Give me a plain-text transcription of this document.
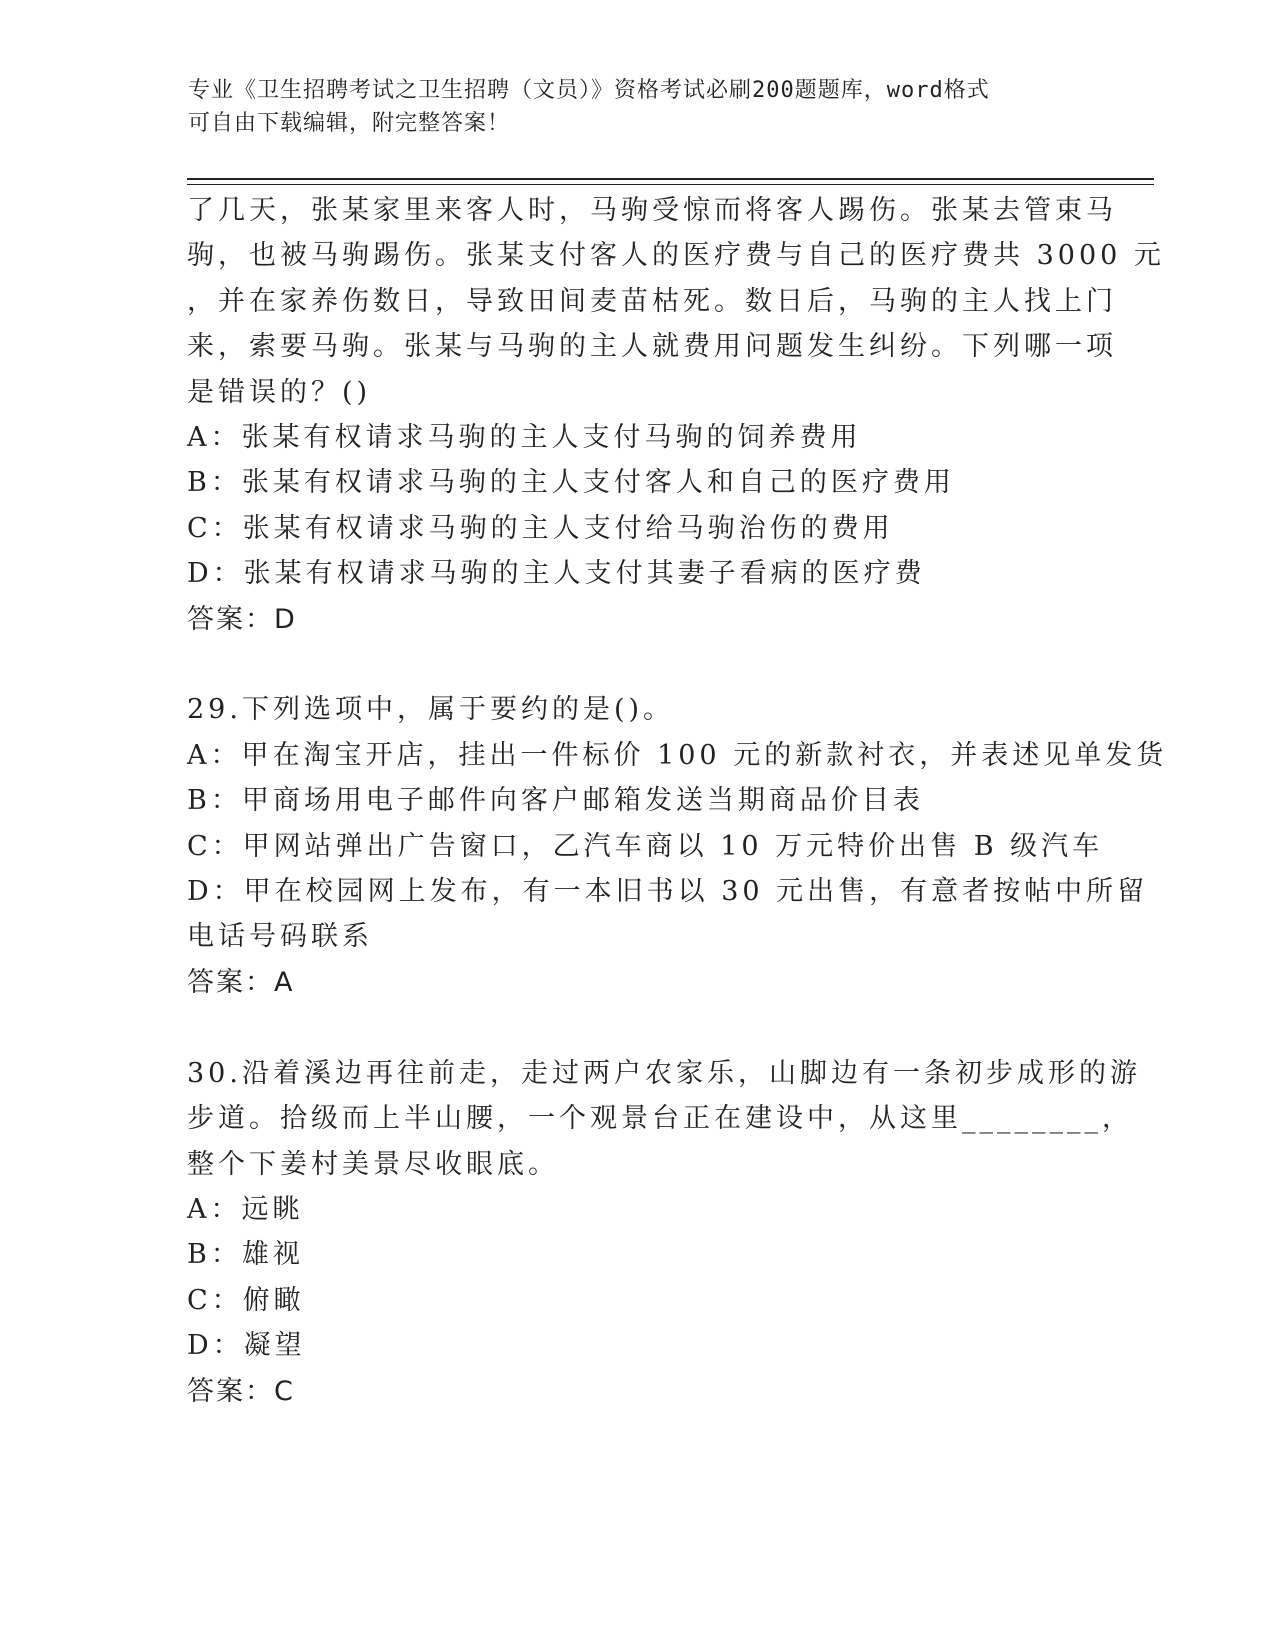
专业《卫生招聘考试之卫生招聘（文员）》资格考试必刷200题题库，word格式
可自由下载编辑，附完整答案！
了几天，张某家里来客人时，马驹受惊而将客人踢伤。张某去管束马
驹，也被马驹踢伤。张某支付客人的医疗费与自己的医疗费共 3000 元
，并在家养伤数日，导致田间麦苗枯死。数日后，马驹的主人找上门
来，索要马驹。张某与马驹的主人就费用问题发生纠纷。下列哪一项
是错误的？()
A：张某有权请求马驹的主人支付马驹的饲养费用
B：张某有权请求马驹的主人支付客人和自己的医疗费用
C：张某有权请求马驹的主人支付给马驹治伤的费用
D：张某有权请求马驹的主人支付其妻子看病的医疗费
答案：D
29.下列选项中，属于要约的是()。
A：甲在淘宝开店，挂出一件标价 100 元的新款衬衣，并表述见单发货
B：甲商场用电子邮件向客户邮箱发送当期商品价目表
C：甲网站弹出广告窗口，乙汽车商以 10 万元特价出售 B 级汽车
D：甲在校园网上发布，有一本旧书以 30 元出售，有意者按帖中所留
电话号码联系
答案：A
30.沿着溪边再往前走，走过两户农家乐，山脚边有一条初步成形的游
步道。拾级而上半山腰，一个观景台正在建设中，从这里________，
整个下姜村美景尽收眼底。
A：远眺
B：雄视
C：俯瞰
D：凝望
答案：C
